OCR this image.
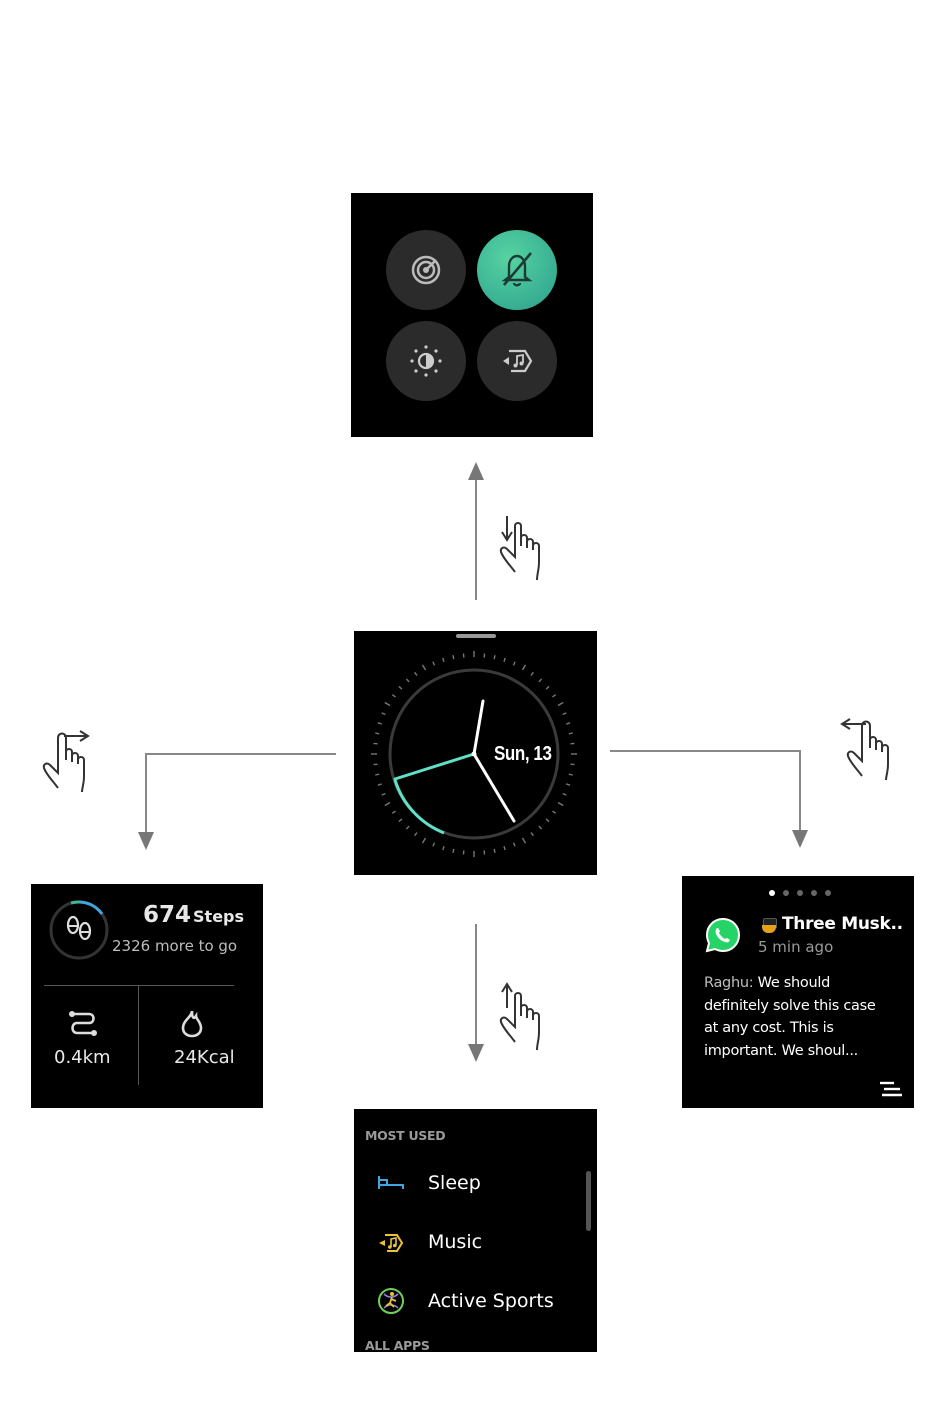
Sun, 13
674 Steps
2326 more to go
0.4km	24Kcal
Three Musk..
5 min ago
Raghu: We should
definitely solve this case
at any cost. This is
important. We shoul...
MOST USED
Sleep
Music
Active Sports
ALL APPS
